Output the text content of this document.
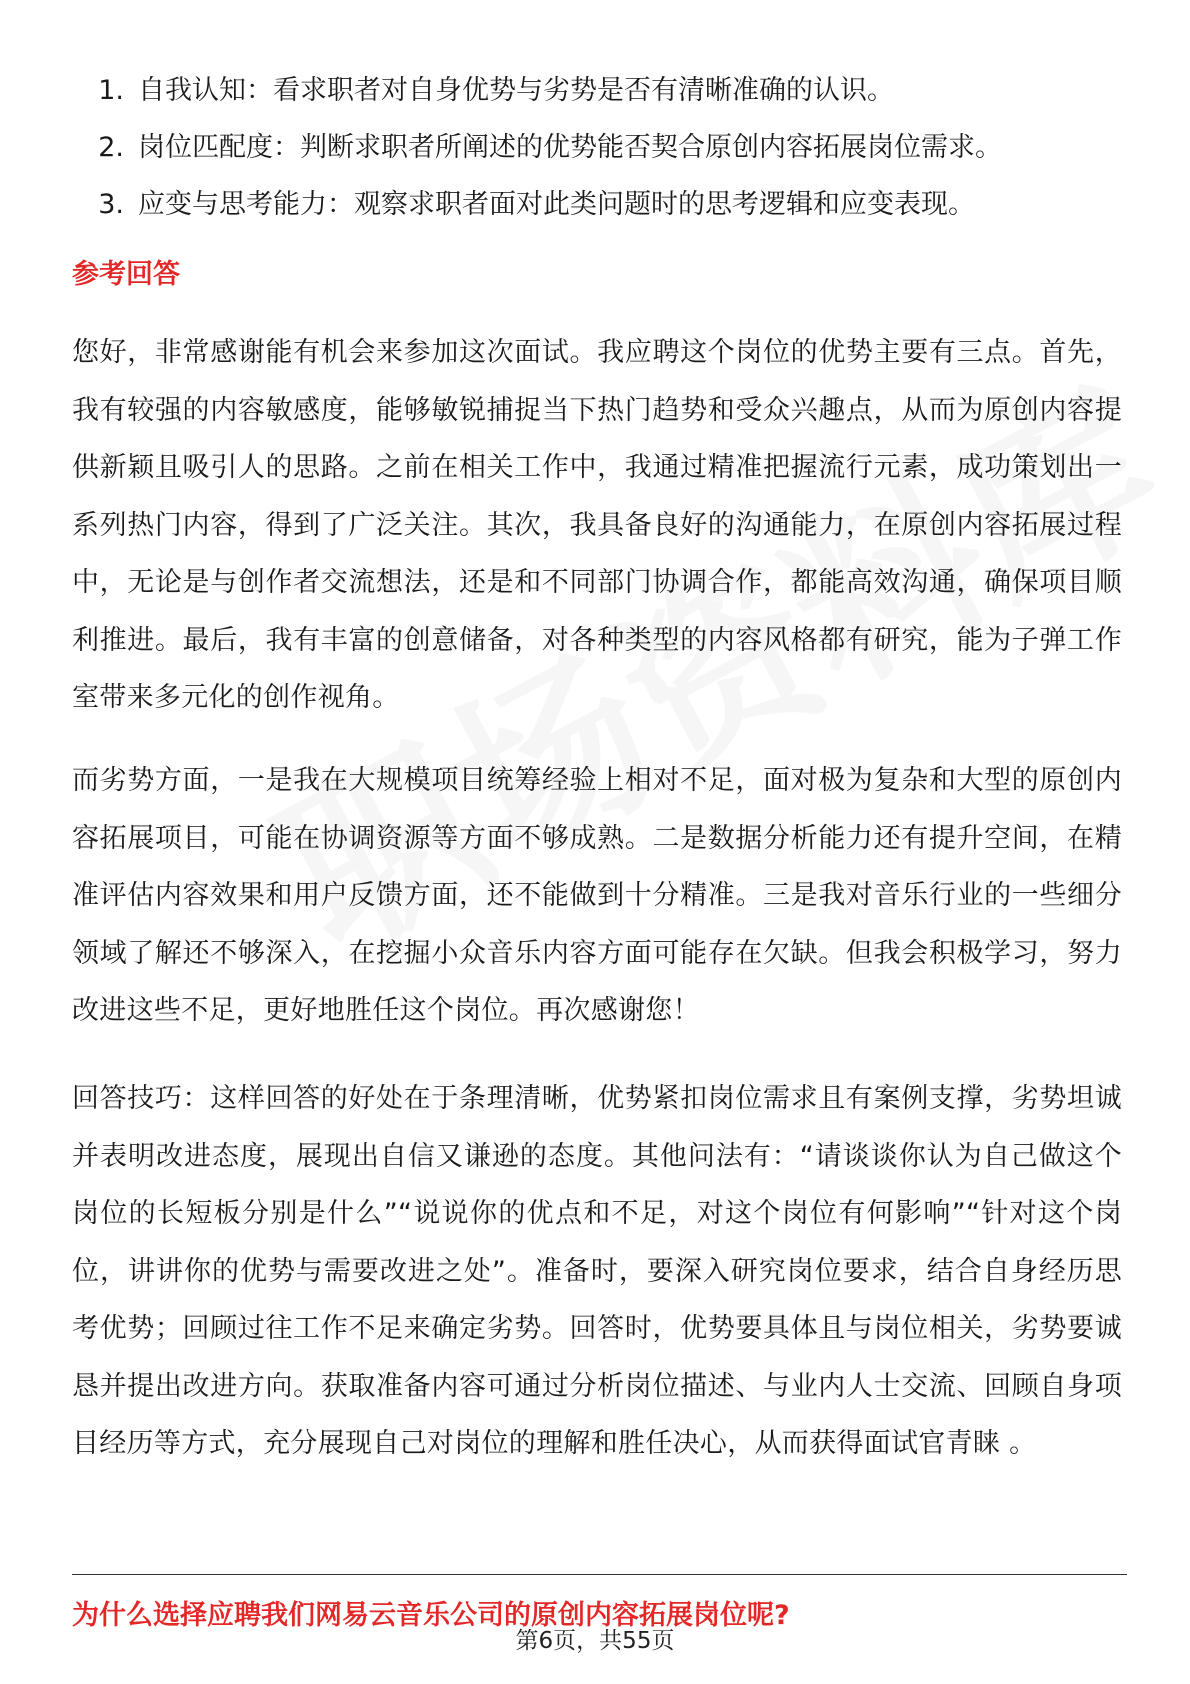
1. 自我认知：看求职者对自身优势与劣势是否有清晰准确的认识。
2. 岗位匹配度：判断求职者所阐述的优势能否契合原创内容拓展岗位需求。
3. 应变与思考能力：观察求职者面对此类问题时的思考逻辑和应变表现。
参考回答

您好，非常感谢能有机会来参加这次面试。我应聘这个岗位的优势主要有三点。首先，我有较强的内容敏感度，能够敏锐捕捉当下热门趋势和受众兴趣点，从而为原创内容提供新颖且吸引人的思路。之前在相关工作中，我通过精准把握流行元素，成功策划出一系列热门内容，得到了广泛关注。其次，我具备良好的沟通能力，在原创内容拓展过程中，无论是与创作者交流想法，还是和不同部门协调合作，都能高效沟通，确保项目顺利推进。最后，我有丰富的创意储备，对各种类型的内容风格都有研究，能为子弹工作室带来多元化的创作视角。

而劣势方面，一是我在大规模项目统筹经验上相对不足，面对极为复杂和大型的原创内容拓展项目，可能在协调资源等方面不够成熟。二是数据分析能力还有提升空间，在精准评估内容效果和用户反馈方面，还不能做到十分精准。三是我对音乐行业的一些细分领域了解还不够深入，在挖掘小众音乐内容方面可能存在欠缺。但我会积极学习，努力改进这些不足，更好地胜任这个岗位。再次感谢您！

回答技巧：这样回答的好处在于条理清晰，优势紧扣岗位需求且有案例支撑，劣势坦诚并表明改进态度，展现出自信又谦逊的态度。其他问法有：“请谈谈你认为自己做这个岗位的长短板分别是什么”“说说你的优点和不足，对这个岗位有何影响”“针对这个岗位，讲讲你的优势与需要改进之处”。准备时，要深入研究岗位要求，结合自身经历思考优势；回顾过往工作不足来确定劣势。回答时，优势要具体且与岗位相关，劣势要诚恳并提出改进方向。获取准备内容可通过分析岗位描述、与业内人士交流、回顾自身项目经历等方式，充分展现自己对岗位的理解和胜任决心，从而获得面试官青睐 。

为什么选择应聘我们网易云音乐公司的原创内容拓展岗位呢?

第6页，共55页
